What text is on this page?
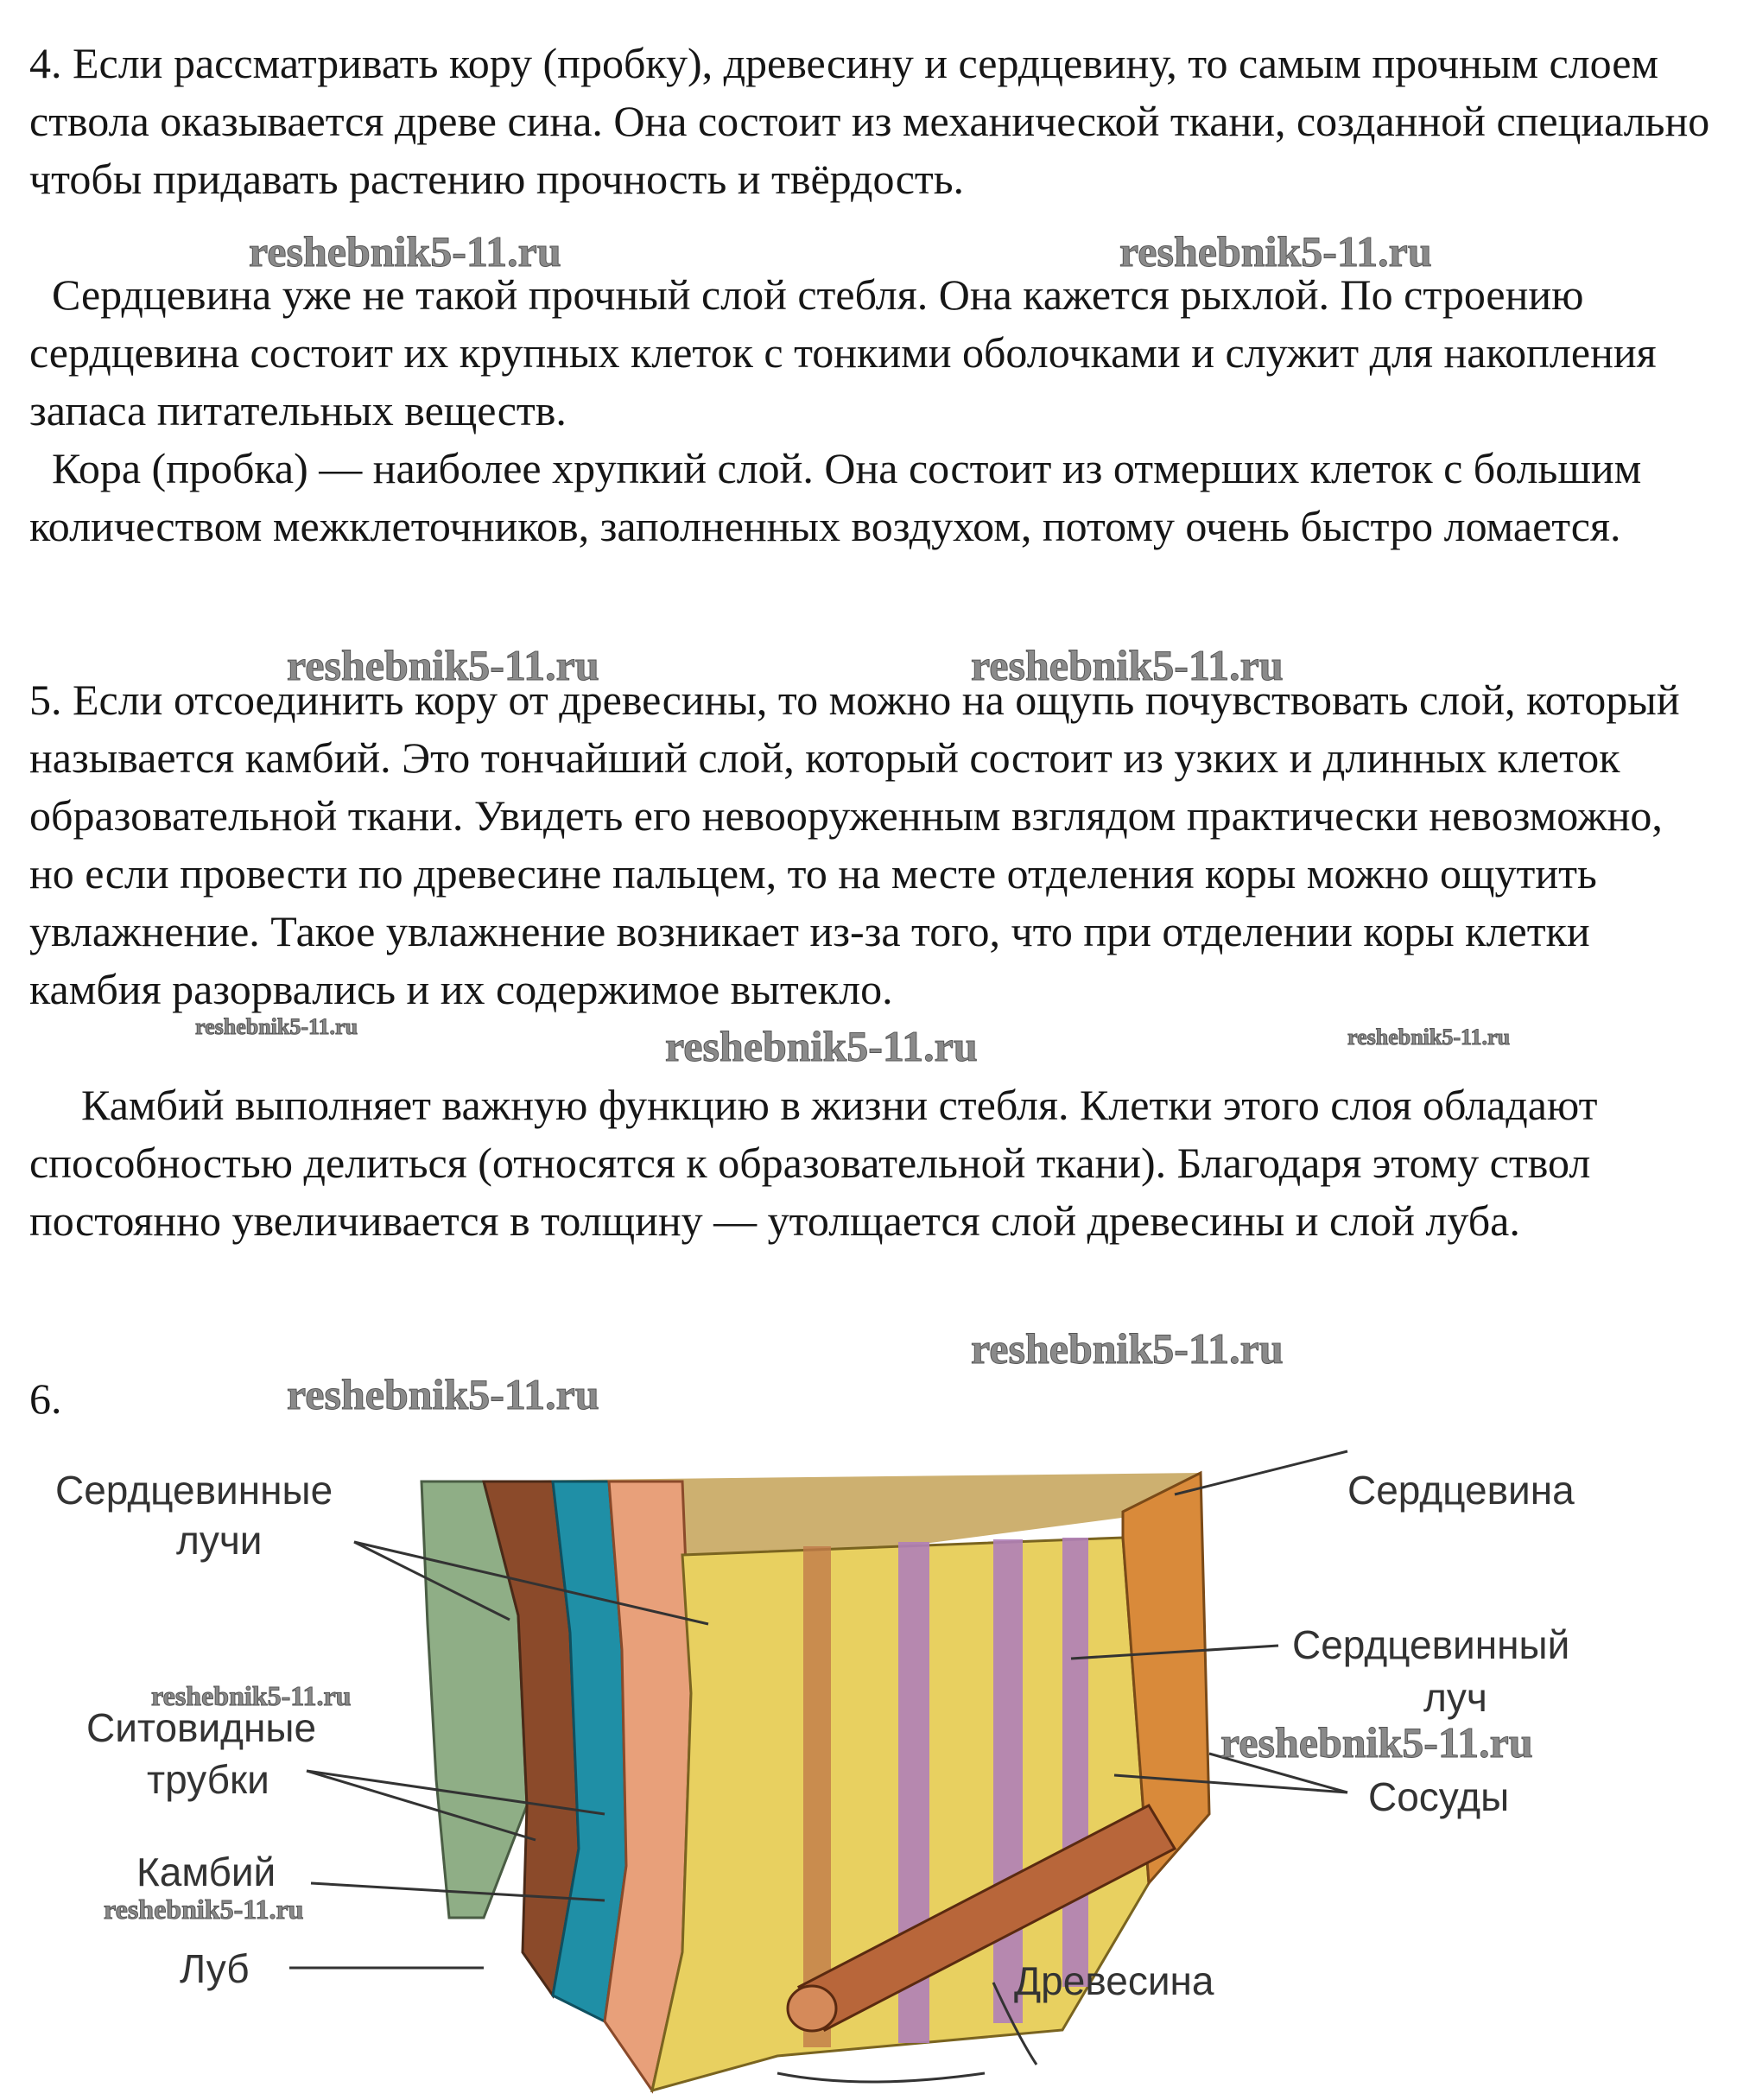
4. Если рассматривать кору (пробку), древесину и сердцевину, то самым прочным слоем ствола оказывается древе сина. Она состоит из механической ткани, созданной специально чтобы придавать растению прочность и твёрдость.
Сердцевина уже не такой прочный слой стебля. Она кажется рыхлой. По строению сердцевина состоит их крупных клеток с тонкими оболочками и служит для накопления запаса питательных веществ.
Кора (пробка) — наиболее хрупкий слой. Она состоит из отмерших клеток с большим количеством межклеточников, заполненных воздухом, потому очень быстро ломается.
5. Если отсоединить кору от древесины, то можно на ощупь почувствовать слой, который называется камбий. Это тончайший слой, который состоит из узких и длинных клеток образовательной ткани. Увидеть его невооруженным взглядом практически невозможно, но если провести по древесине пальцем, то на месте отделения коры можно ощутить увлажнение. Такое увлажнение возникает из-за того, что при отделении коры клетки камбия разорвались и их содержимое вытекло.
Камбий выполняет важную функцию в жизни стебля. Клетки этого слоя обладают способностью делиться (относятся к образовательной ткани). Благодаря этому ствол постоянно увеличивается в толщину — утолщается слой древесины и слой луба.
6.
reshebnik5-11.ru	reshebnik5-11.ru
reshebnik5-11.ru	reshebnik5-11.ru
reshebnik5-11.ru	reshebnik5-11.ru	reshebnik5-11.ru
reshebnik5-11.ru
reshebnik5-11.ru
Сердцевинные
лучи
Ситовидные
трубки
Камбий
Луб
Сердцевина
Сердцевинный
луч
Сосуды
Древесина
reshebnik5-11.ru
reshebnik5-11.ru
reshebnik5-11.ru
